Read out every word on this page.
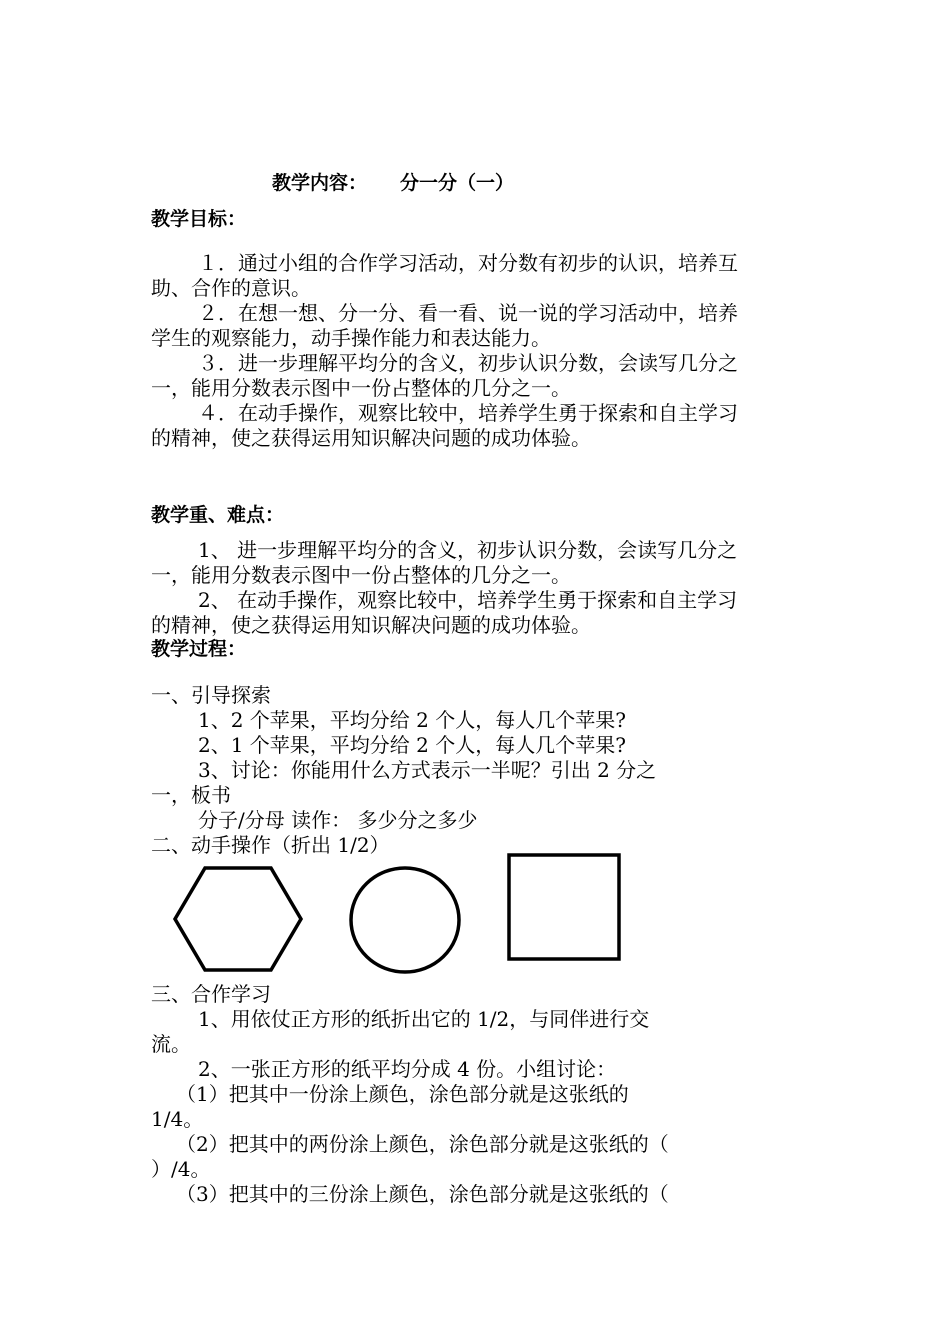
教学内容： 分一分（一）
教学目标：
１．通过小组的合作学习活动，对分数有初步的认识，培养互
助、合作的意识。
２．在想一想、分一分、看一看、说一说的学习活动中，培养
学生的观察能力，动手操作能力和表达能力。
３．进一步理解平均分的含义，初步认识分数，会读写几分之
一，能用分数表示图中一份占整体的几分之一。
４．在动手操作，观察比较中，培养学生勇于探索和自主学习
的精神，使之获得运用知识解决问题的成功体验。
教学重、难点：
1、 进一步理解平均分的含义，初步认识分数，会读写几分之
一，能用分数表示图中一份占整体的几分之一。
2、 在动手操作，观察比较中，培养学生勇于探索和自主学习
的精神，使之获得运用知识解决问题的成功体验。
教学过程：
一、引导探索
1、2 个苹果，平均分给 2 个人，每人几个苹果?
2、1 个苹果，平均分给 2 个人，每人几个苹果?
3、讨论：你能用什么方式表示一半呢？引出 2 分之
一，板书
分子/分母 读作： 多少分之多少
二、动手操作（折出 1/2）
三、合作学习
1、用依仗正方形的纸折出它的 1/2，与同伴进行交
流。
2、一张正方形的纸平均分成 4 份。小组讨论：
（1）把其中一份涂上颜色，涂色部分就是这张纸的
1/4。
（2）把其中的两份涂上颜色，涂色部分就是这张纸的（
）/4。
（3）把其中的三份涂上颜色，涂色部分就是这张纸的（
